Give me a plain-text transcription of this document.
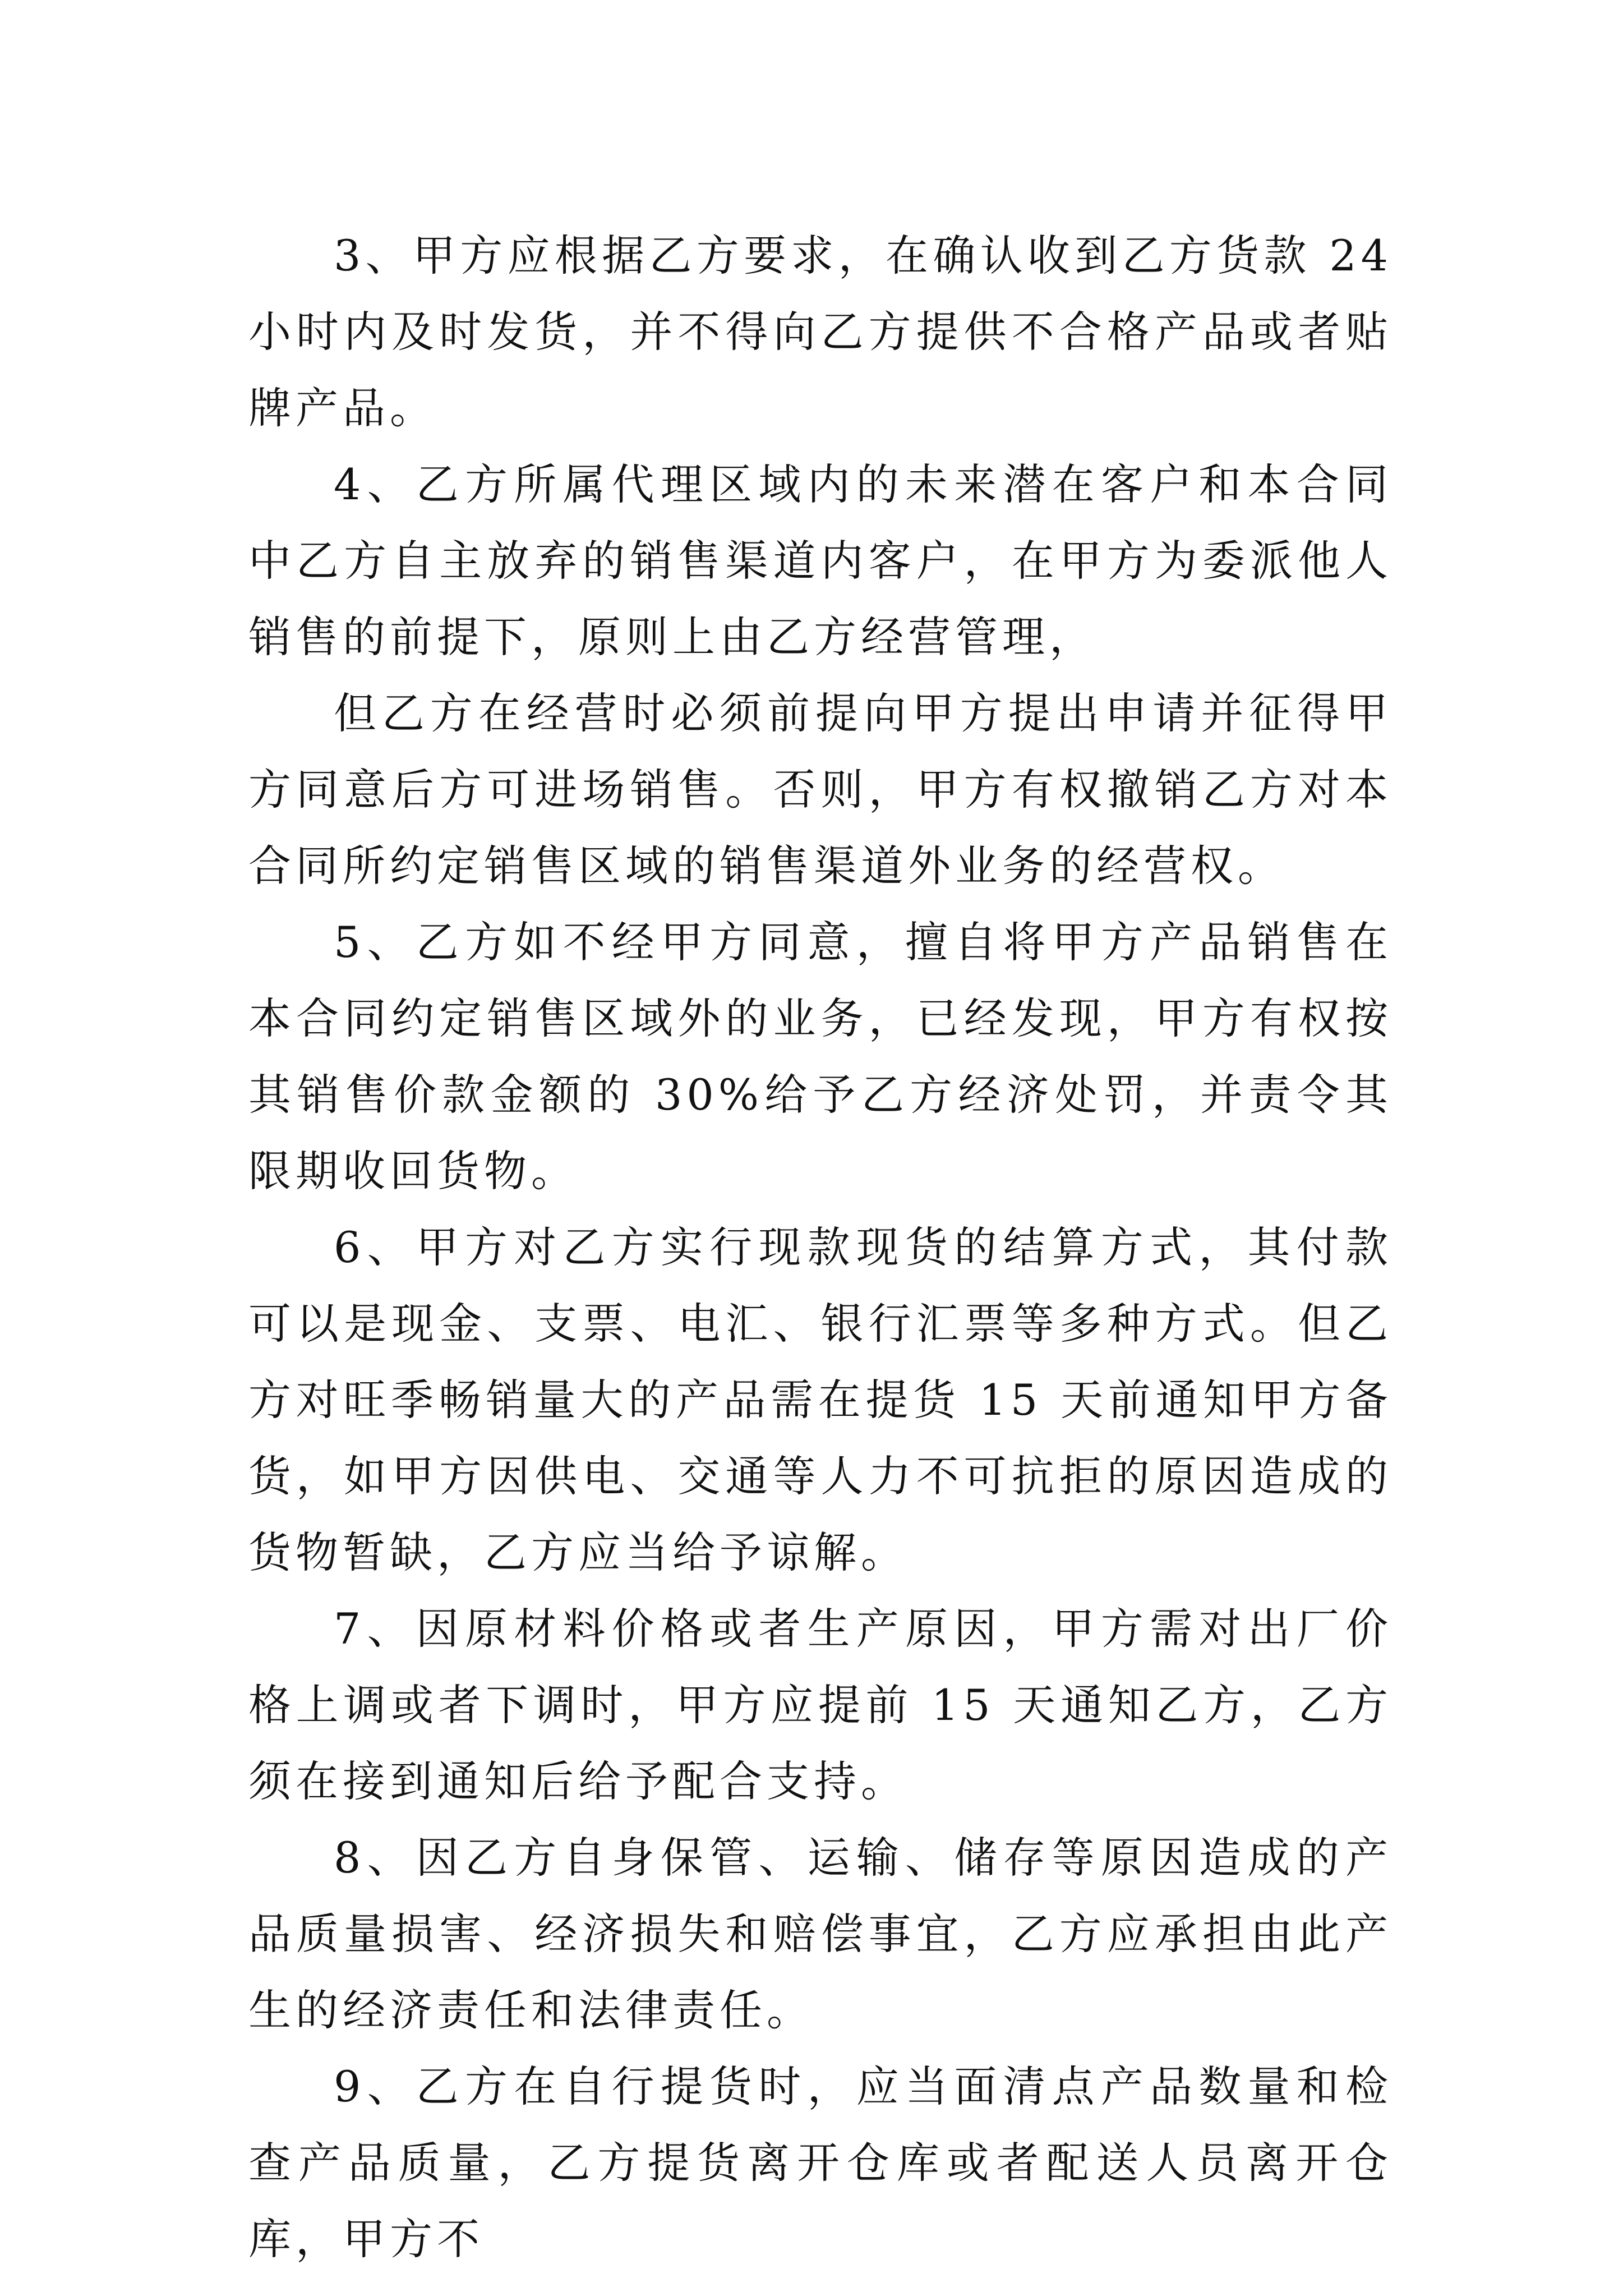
3、甲方应根据乙方要求，在确认收到乙方货款 24 小时内及时发货，并不得向乙方提供不合格产品或者贴牌产品。

4、乙方所属代理区域内的未来潜在客户和本合同中乙方自主放弃的销售渠道内客户，在甲方为委派他人销售的前提下，原则上由乙方经营管理，

但乙方在经营时必须前提向甲方提出申请并征得甲方同意后方可进场销售。否则，甲方有权撤销乙方对本合同所约定销售区域的销售渠道外业务的经营权。

5、乙方如不经甲方同意，擅自将甲方产品销售在本合同约定销售区域外的业务，已经发现，甲方有权按其销售价款金额的 30%给予乙方经济处罚，并责令其限期收回货物。

6、甲方对乙方实行现款现货的结算方式，其付款可以是现金、支票、电汇、银行汇票等多种方式。但乙方对旺季畅销量大的产品需在提货 15 天前通知甲方备货，如甲方因供电、交通等人力不可抗拒的原因造成的货物暂缺，乙方应当给予谅解。

7、因原材料价格或者生产原因，甲方需对出厂价格上调或者下调时，甲方应提前 15 天通知乙方，乙方须在接到通知后给予配合支持。

8、因乙方自身保管、运输、储存等原因造成的产品质量损害、经济损失和赔偿事宜，乙方应承担由此产生的经济责任和法律责任。

9、乙方在自行提货时，应当面清点产品数量和检查产品质量，乙方提货离开仓库或者配送人员离开仓库，甲方不
